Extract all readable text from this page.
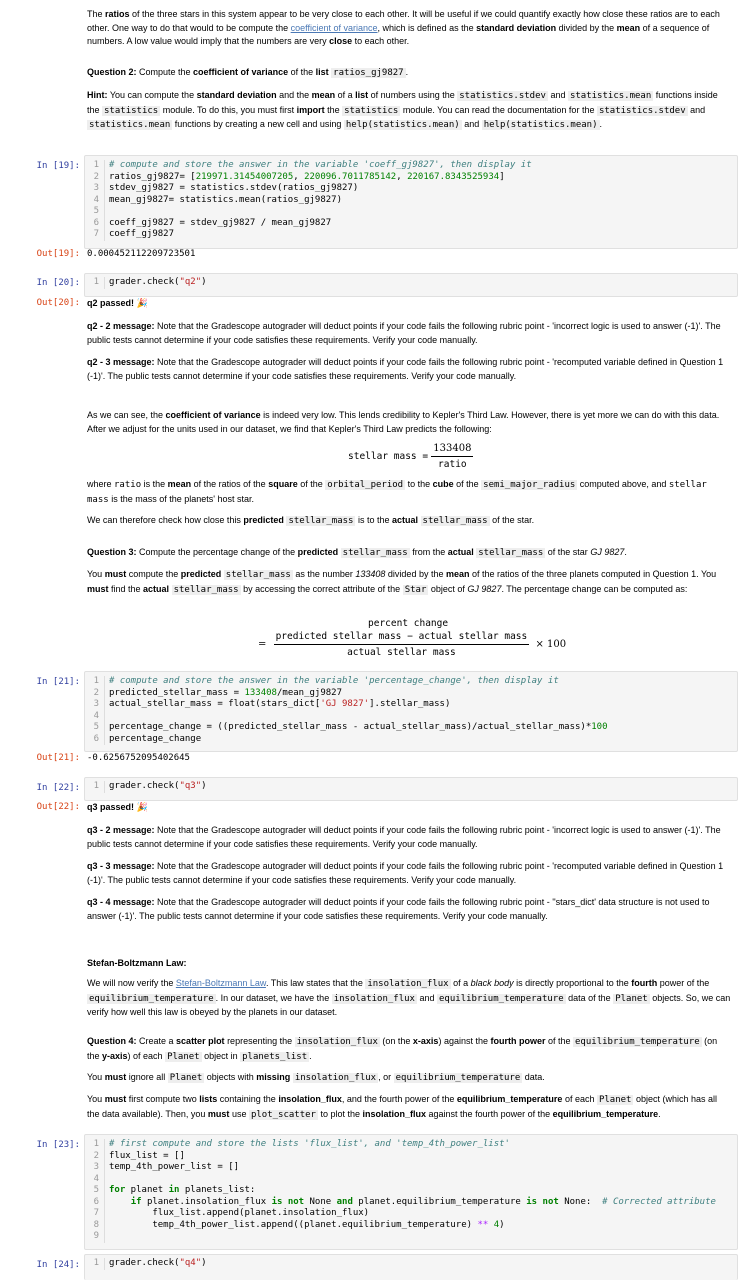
The ratios of the three stars in this system appear to be very close to each other. It will be useful if we could quantify exactly how close these ratios are to each other. One way to do that would to be compute the coefficient of variance, which is defined as the standard deviation divided by the mean of a sequence of numbers. A low value would imply that the numbers are very close to each other.

Question 2: Compute the coefficient of variance of the list ratios_gj9827 .

Hint: You can compute the standard deviation and the mean of a list of numbers using the statistics.stdev and statistics.mean functions inside the statistics module. To do this, you must first import the statistics module. You can read the documentation for the statistics.stdev and statistics.mean functions by creating a new cell and using help(statistics.mean) and help(statistics.mean) .

In [19]:	1 # compute and store the answer in the variable 'coeff_gj9827', then display it
2 ratios_gj9827= [219971.31454007205, 220096.7011785142, 220167.8343525934]
3 stdev_gj9827 = statistics.stdev(ratios_gj9827)
4 mean_gj9827= statistics.mean(ratios_gj9827)
5
6 coeff_gj9827 = stdev_gj9827 / mean_gj9827
7 coeff_gj9827
Out[19]: 0.000452112209723501
In [20]:	1 grader.check("q2")
Out[20]: q2 passed! 🎉
q2 - 2 message: Note that the Gradescope autograder will deduct points if your code fails the following rubric point - 'incorrect logic is used to answer (-1)'. The public tests cannot determine if your code satisfies these requirements. Verify your code manually.
q2 - 3 message: Note that the Gradescope autograder will deduct points if your code fails the following rubric point - 'recomputed variable defined in Question 1 (-1)'. The public tests cannot determine if your code satisfies these requirements. Verify your code manually.

As we can see, the coefficient of variance is indeed very low. This lends credibility to Kepler's Third Law. However, there is yet more we can do with this data. After we adjust for the units used in our dataset, we find that Kepler's Third Law predicts the following:

stellar mass = $\frac{133408}{\text{ratio}}$

where ratio is the mean of the ratios of the square of the orbital_period to the cube of the semi_major_radius computed above, and stellar mass is the mass of the planets' host star.

We can therefore check how close this predicted stellar_mass is to the actual stellar_mass of the star.

Question 3: Compute the percentage change of the predicted stellar_mass from the actual stellar_mass of the star GJ 9827.

You must compute the predicted stellar_mass as the number 133408 divided by the mean of the ratios of the three planets computed in Question 1. You must find the actual stellar_mass by accessing the correct attribute of the Star object of GJ 9827. The percentage change can be computed as:

percent change
= $\frac{\text{predicted stellar mass − actual stellar mass}}{\text{actual stellar mass}} \times 100$
In [21]:	1 # compute and store the answer in the variable 'percentage_change', then display it
2 predicted_stellar_mass = 133408/mean_gj9827
3 actual_stellar_mass = float(stars_dict['GJ 9827'].stellar_mass)
4
5 percentage_change = ((predicted_stellar_mass - actual_stellar_mass)/actual_stellar_mass)*100
6 percentage_change
Out[21]: -0.6256752095402645
In [22]:	1 grader.check("q3")
Out[22]: q3 passed! 🎉
q3 - 2 message: Note that the Gradescope autograder will deduct points if your code fails the following rubric point - 'incorrect logic is used to answer (-1)'. The public tests cannot determine if your code satisfies these requirements. Verify your code manually.
q3 - 3 message: Note that the Gradescope autograder will deduct points if your code fails the following rubric point - 'recomputed variable defined in Question 1 (-1)'. The public tests cannot determine if your code satisfies these requirements. Verify your code manually.
q3 - 4 message: Note that the Gradescope autograder will deduct points if your code fails the following rubric point - ''stars_dict' data structure is not used to answer (-1)'. The public tests cannot determine if your code satisfies these requirements. Verify your code manually.

Stefan-Boltzmann Law:

We will now verify the Stefan-Boltzmann Law. This law states that the insolation_flux of a black body is directly proportional to the fourth power of the equilibrium_temperature . In our dataset, we have the insolation_flux and equilibrium_temperature data of the Planet objects. So, we can verify how well this law is obeyed by the planets in our dataset.

Question 4: Create a scatter plot representing the insolation_flux (on the x-axis) against the fourth power of the equilibrium_temperature (on the y-axis) of each Planet object in planets_list .

You must ignore all Planet objects with missing insolation_flux , or equilibrium_temperature data.

You must first compute two lists containing the insolation_flux, and the fourth power of the equilibrium_temperature of each Planet object (which has all the data available). Then, you must use plot_scatter to plot the insolation_flux against the fourth power of the equilibrium_temperature.

In [23]:	1 # first compute and store the lists 'flux_list', and 'temp_4th_power_list'
2 flux_list = []
3 temp_4th_power_list = []
4
5 for planet in planets_list:
6	if planet.insolation_flux is not None and planet.equilibrium_temperature is not None:  # Corrected attribute
7        flux_list.append(planet.insolation_flux)
8        temp_4th_power_list.append((planet.equilibrium_temperature) ** 4)
9
In [24]:	1 grader.check("q4")
